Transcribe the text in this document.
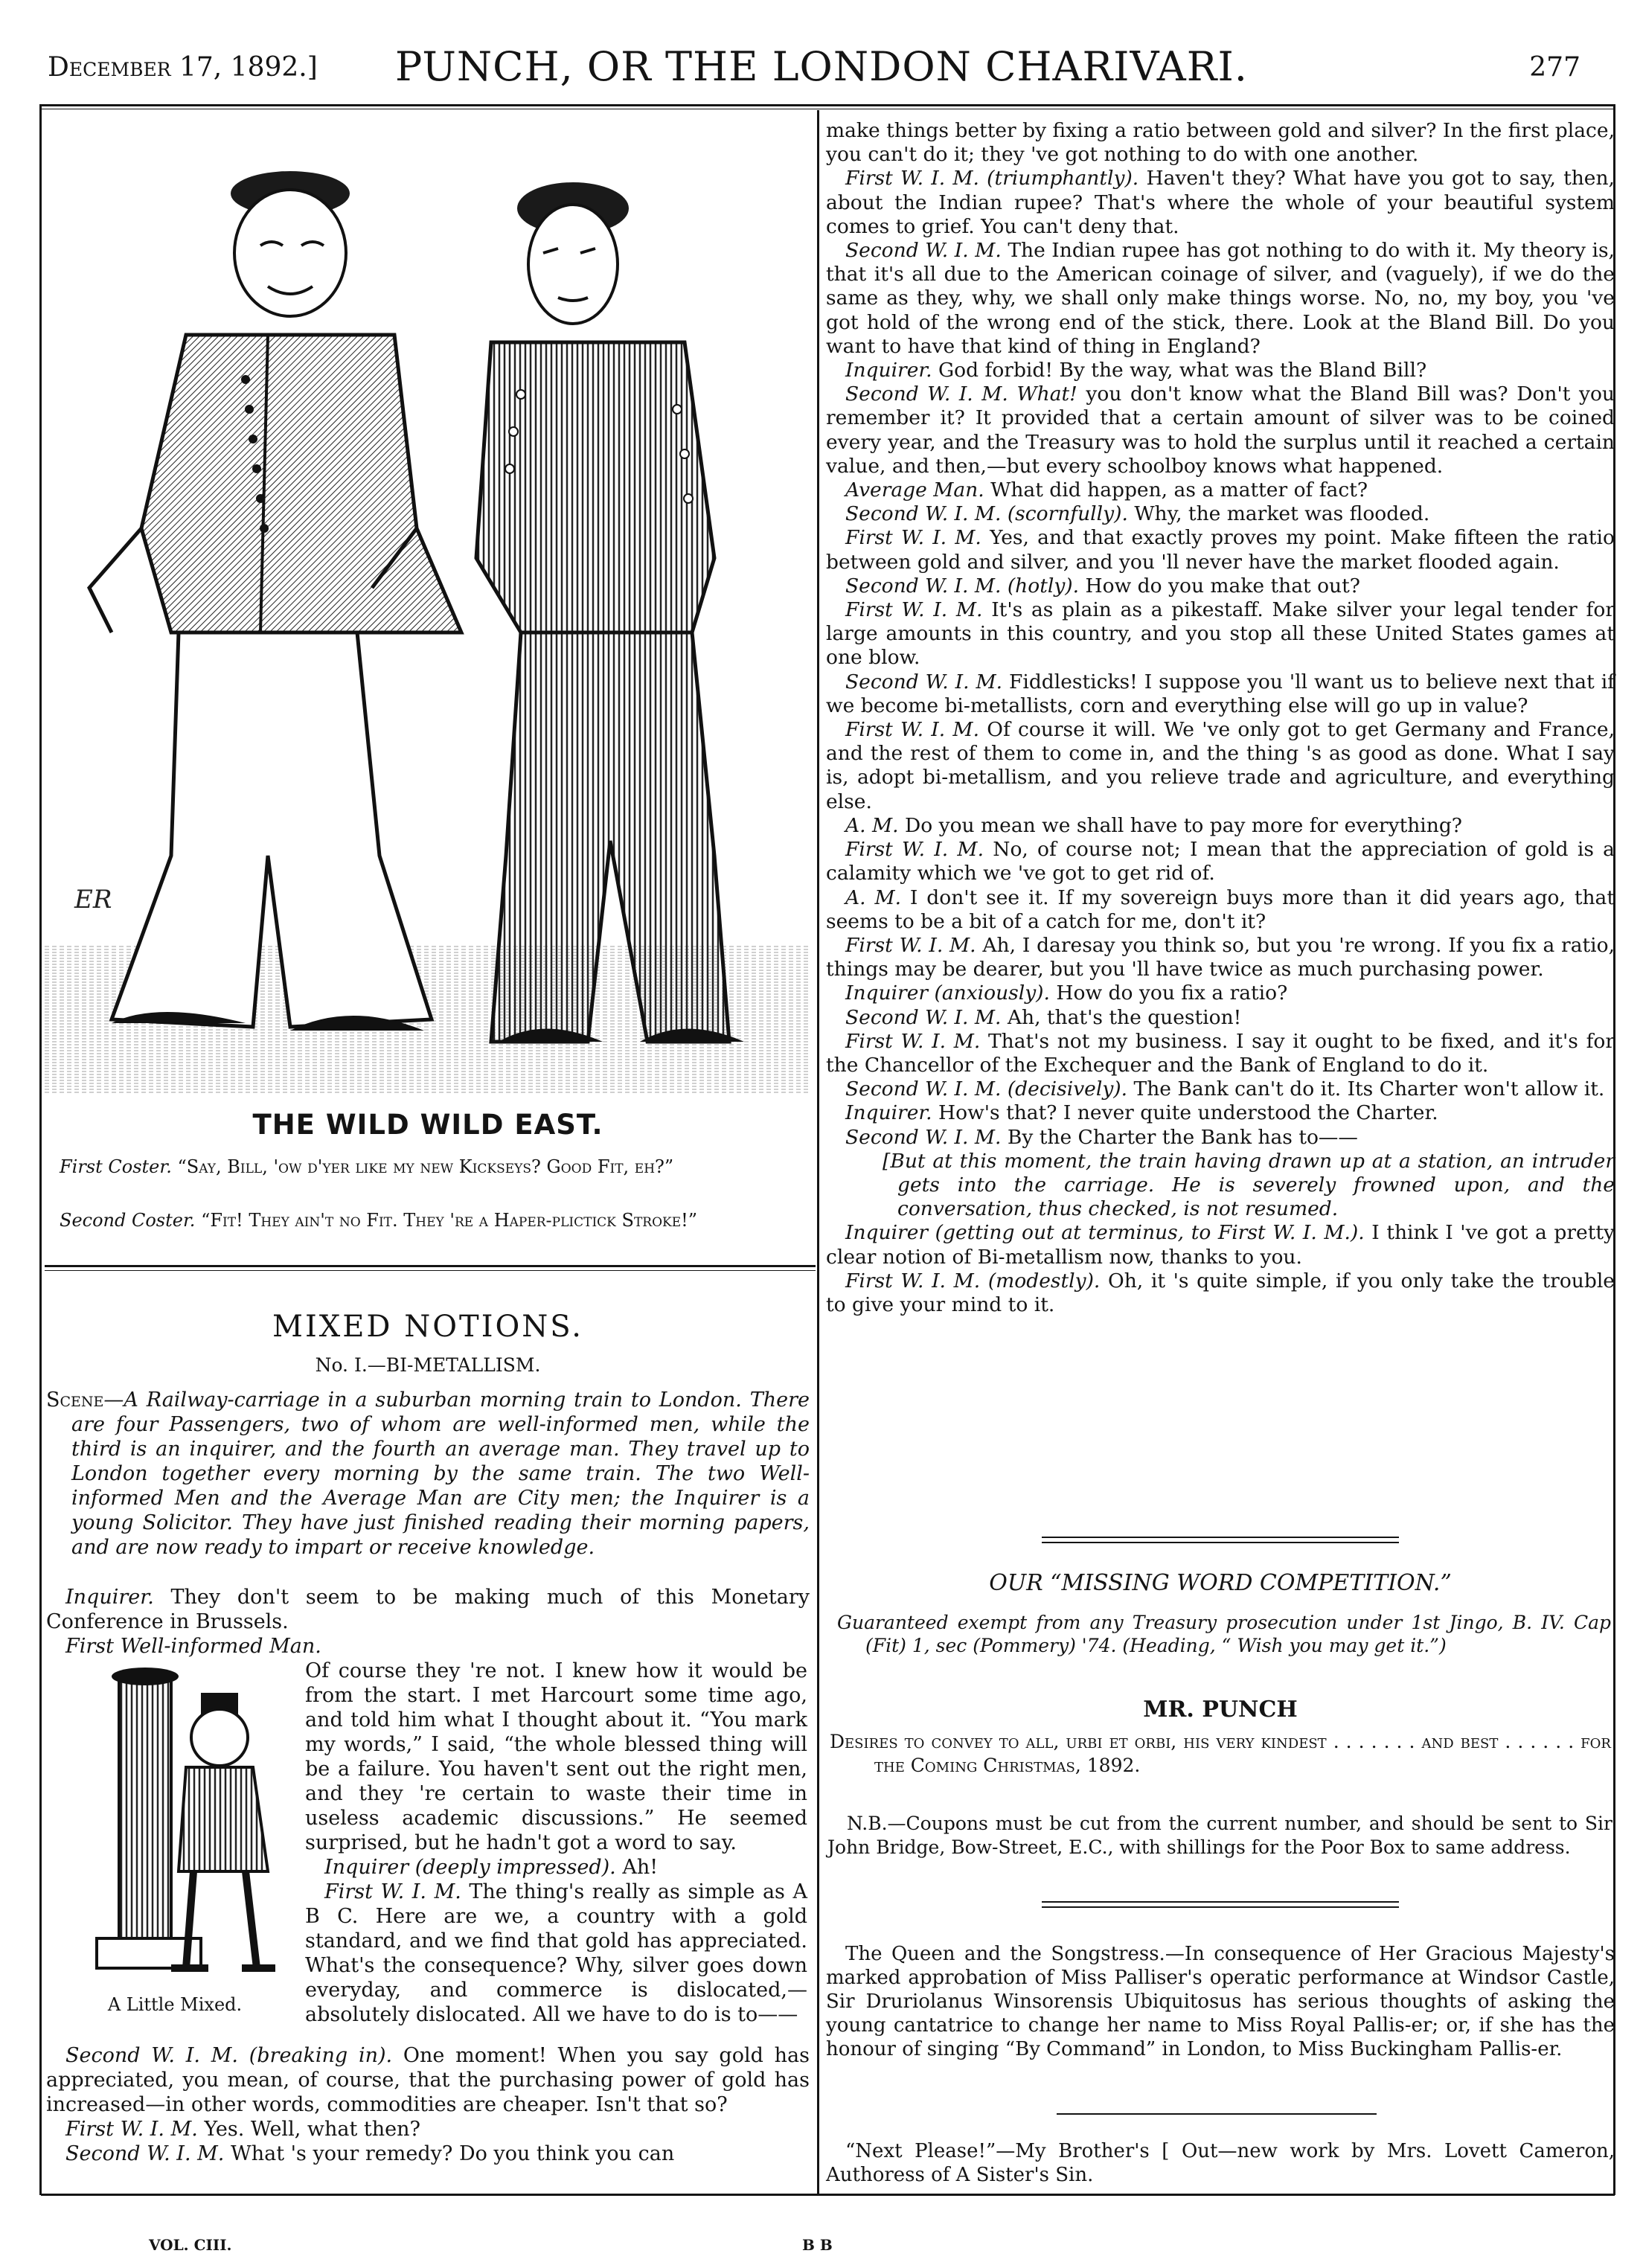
December 17, 1892.]	PUNCH, OR THE LONDON CHARIVARI.	277
ER
THE WILD WILD EAST.
First Coster. “Say, Bill, 'ow d'yer like my new Kickseys? Good Fit, eh?”
Second Coster. “Fit! They ain't no Fit. They 're a Haper-plictick Stroke!”
MIXED NOTIONS.
No. I.—BI-METALLISM.

Scene—A Railway-carriage in a suburban morning train to London. There are four Passengers, two of whom are well-informed men, while the third is an inquirer, and the fourth an average man. They travel up to London together every morning by the same train. The two Well-informed Men and the Average Man are City men; the Inquirer is a young Solicitor. They have just finished reading their morning papers, and are now ready to impart or receive knowledge.

Inquirer. They don't seem to be making much of this Monetary Conference in Brussels.

First Well-informed Man.

Of course they 're not. I knew how it would be from the start. I met Harcourt some time ago, and told him what I thought about it. “You mark my words,” I said, “the whole blessed thing will be a failure. You haven't sent out the right men, and they 're certain to waste their time in useless academic discussions.” He seemed surprised, but he hadn't got a word to say.

Inquirer (deeply impressed). Ah!

First W. I. M. The thing's really as simple as A B C. Here are we, a country with a gold standard, and we find that gold has appreciated. What's the consequence? Why, silver goes down everyday, and commerce is dislocated,—absolutely dislocated. All we have to do is to——

A Little Mixed.

Second W. I. M. (breaking in). One moment! When you say gold has appreciated, you mean, of course, that the purchasing power of gold has increased—in other words, commodities are cheaper. Isn't that so?

First W. I. M. Yes. Well, what then?

Second W. I. M. What 's your remedy? Do you think you can

make things better by fixing a ratio between gold and silver? In the first place, you can't do it; they 've got nothing to do with one another.

First W. I. M. (triumphantly). Haven't they? What have you got to say, then, about the Indian rupee? That's where the whole of your beautiful system comes to grief. You can't deny that.

Second W. I. M. The Indian rupee has got nothing to do with it. My theory is, that it's all due to the American coinage of silver, and (vaguely), if we do the same as they, why, we shall only make things worse. No, no, my boy, you 've got hold of the wrong end of the stick, there. Look at the Bland Bill. Do you want to have that kind of thing in England?

Inquirer. God forbid! By the way, what was the Bland Bill?

Second W. I. M. What! you don't know what the Bland Bill was? Don't you remember it? It provided that a certain amount of silver was to be coined every year, and the Treasury was to hold the surplus until it reached a certain value, and then,—but every schoolboy knows what happened.

Average Man. What did happen, as a matter of fact?

Second W. I. M. (scornfully). Why, the market was flooded.

First W. I. M. Yes, and that exactly proves my point. Make fifteen the ratio between gold and silver, and you 'll never have the market flooded again.

Second W. I. M. (hotly). How do you make that out?

First W. I. M. It's as plain as a pikestaff. Make silver your legal tender for large amounts in this country, and you stop all these United States games at one blow.

Second W. I. M. Fiddlesticks! I suppose you 'll want us to believe next that if we become bi-metallists, corn and everything else will go up in value?

First W. I. M. Of course it will. We 've only got to get Germany and France, and the rest of them to come in, and the thing 's as good as done. What I say is, adopt bi-metallism, and you relieve trade and agriculture, and everything else.

A. M. Do you mean we shall have to pay more for everything?

First W. I. M. No, of course not; I mean that the appreciation of gold is a calamity which we 've got to get rid of.

A. M. I don't see it. If my sovereign buys more than it did years ago, that seems to be a bit of a catch for me, don't it?

First W. I. M. Ah, I daresay you think so, but you 're wrong. If you fix a ratio, things may be dearer, but you 'll have twice as much purchasing power.

Inquirer (anxiously). How do you fix a ratio?

Second W. I. M. Ah, that's the question!

First W. I. M. That's not my business. I say it ought to be fixed, and it's for the Chancellor of the Exchequer and the Bank of England to do it.

Second W. I. M. (decisively). The Bank can't do it. Its Charter won't allow it.

Inquirer. How's that? I never quite understood the Charter.

Second W. I. M. By the Charter the Bank has to——

[But at this moment, the train having drawn up at a station, an intruder gets into the carriage. He is severely frowned upon, and the conversation, thus checked, is not resumed.

Inquirer (getting out at terminus, to First W. I. M.). I think I 've got a pretty clear notion of Bi-metallism now, thanks to you.

First W. I. M. (modestly). Oh, it 's quite simple, if you only take the trouble to give your mind to it.

OUR “MISSING WORD COMPETITION.”
Guaranteed exempt from any Treasury prosecution under 1st Jingo, B. IV. Cap (Fit) 1, sec (Pommery) '74. (Heading, “ Wish you may get it.”)
MR. PUNCH
Desires to convey to all, urbi et orbi, his very kindest . . . . . . . and best . . . . . . for the Coming Christmas, 1892.
N.B.—Coupons must be cut from the current number, and should be sent to Sir John Bridge, Bow-Street, E.C., with shillings for the Poor Box to same address.
The Queen and the Songstress.—In consequence of Her Gracious Majesty's marked approbation of Miss Palliser's operatic performance at Windsor Castle, Sir Druriolanus Winsorensis Ubiquitosus has serious thoughts of asking the young cantatrice to change her name to Miss Royal Pallis-er; or, if she has the honour of singing “By Command” in London, to Miss Buckingham Pallis-er.
“Next Please!”—My Brother's [ Out—new work by Mrs. Lovett Cameron, Authoress of A Sister's Sin.
VOL. CIII.	B B
